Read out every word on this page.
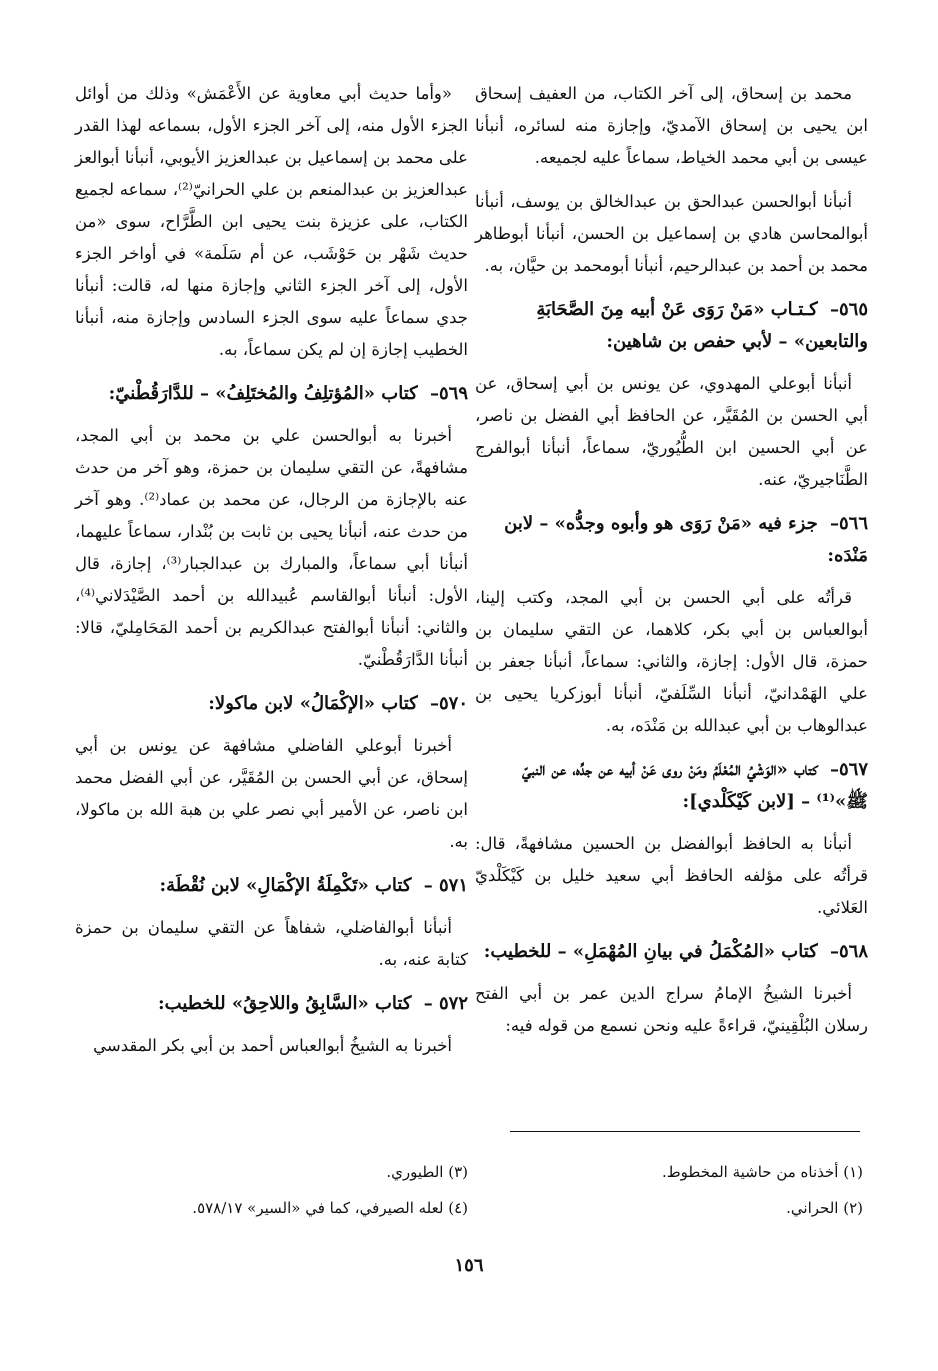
محمد بن إسحاق، إلى آخر الكتاب، من العفيف إسحاق ابن يحيى بن إسحاق الآمديّ، وإجازة منه لسائره، أنبأنا عيسى بن أبي محمد الخياط، سماعاً عليه لجميعه.

أنبأنا أبوالحسن عبدالحق بن عبدالخالق بن يوسف، أنبأنا أبوالمحاسن هادي بن إسماعيل بن الحسن، أنبأنا أبوطاهر محمد بن أحمد بن عبدالرحيم، أنبأنا أبومحمد بن حيَّان، به.

٥٦٥– كـتـاب «مَنْ رَوَى عَنْ أبيه مِنَ الصَّحَابَةِ والتابعين» – لأبي حفص بن شاهين:

أنبأنا أبوعلي المهدوي، عن يونس بن أبي إسحاق، عن أبي الحسن بن المُقَيَّر، عن الحافظ أبي الفضل بن ناصر، عن أبي الحسين ابن الطُّيُوريّ، سماعاً، أنبأنا أبوالفرج الطَّنَاجيريّ، عنه.

٥٦٦– جزء فيه «مَنْ رَوَى هو وأبوه وجدُّه» – لابن مَنْدَه:

قرأتُه على أبي الحسن بن أبي المجد، وكتب إلينا، أبوالعباس بن أبي بكر، كلاهما، عن التقي سليمان بن حمزة، قال الأول: إجازة، والثاني: سماعاً، أنبأنا جعفر بن علي الهَمْدانيّ، أنبأنا السِّلَفيّ، أنبأنا أبوزكريا يحيى بن عبدالوهاب بن أبي عبدالله بن مَنْدَه، به.

٥٦٧– كتاب «الوَشْيُ المُعْلَمُ ومَنْ روى عَنْ أبيه عن جدِّه، عن النبيّ ﷺ»⁽¹⁾ – [لابن كَيْكَلْدي]:

أنبأنا به الحافظ أبوالفضل بن الحسين مشافهةً، قال: قرأتُه على مؤلفه الحافظ أبي سعيد خليل بن كَيْكَلْديّ العَلائي.

٥٦٨– كتاب «المُكْمَلُ في بيانِ المُهْمَلِ» – للخطيب:

أخبرنا الشيخُ الإمامُ سراج الدين عمر بن أبي الفتح رسلان البُلْقِينيّ، قراءةً عليه ونحن نسمع من قوله فيه:

«وأما حديث أبي معاوية عن الأَعْمَش» وذلك من أوائل الجزء الأول منه، إلى آخر الجزء الأول، بسماعه لهذا القدر على محمد بن إسماعيل بن عبدالعزيز الأيوبي، أنبأنا أبوالعز عبدالعزيز بن عبدالمنعم بن علي الحرانيّ⁽²⁾، سماعه لجميع الكتاب، على عزيزة بنت يحيى ابن الطَّرَّاح، سوى «من حديث شَهْر بن حَوْشَب، عن أم سَلَمة» في أواخر الجزء الأول، إلى آخر الجزء الثاني وإجازة منها له، قالت: أنبأنا جدي سماعاً عليه سوى الجزء السادس وإجازة منه، أنبأنا الخطيب إجازة إن لم يكن سماعاً، به.

٥٦٩– كتاب «المُؤتلِفُ والمُختَلِفُ» – للدَّارَقُطْنيّ:

أخبرنا به أبوالحسن علي بن محمد بن أبي المجد، مشافهةً، عن التقي سليمان بن حمزة، وهو آخر من حدث عنه بالإجازة من الرجال، عن محمد بن عماد⁽²⁾. وهو آخر من حدث عنه، أنبأنا يحيى بن ثابت بن بُنْدار، سماعاً عليهما، أنبأنا أبي سماعاً، والمبارك بن عبدالجبار⁽³⁾، إجازة، قال الأول: أنبأنا أبوالقاسم عُبيدالله بن أحمد الصَّيْدَلاني⁽⁴⁾، والثاني: أنبأنا أبوالفتح عبدالكريم بن أحمد المَحَامِليّ، قالا: أنبأنا الدَّارَقُطْنيّ.

٥٧٠– كتاب «الإكْمَالُ» لابن ماكولا:

أخبرنا أبوعلي الفاضلي مشافهة عن يونس بن أبي إسحاق، عن أبي الحسن بن المُقَيَّر، عن أبي الفضل محمد ابن ناصر، عن الأمير أبي نصر علي بن هبة الله بن ماكولا، به.

٥٧١ – كتاب «تَكْمِلَةُ الإكْمَالِ» لابن نُقْطَة:

أنبأنا أبوالفاضلي، شفاهاً عن التقي سليمان بن حمزة كتابة عنه، به.

٥٧٢ – كتاب «السَّابِقُ واللاحِقُ» للخطيب:

أخبرنا به الشيخُ أبوالعباس أحمد بن أبي بكر المقدسي

(١) أخذناه من حاشية المخطوط.

(٢) الحراني.

(٣) الطيوري.

(٤) لعله الصيرفي، كما في «السير» ٥٧٨/١٧.

١٥٦
